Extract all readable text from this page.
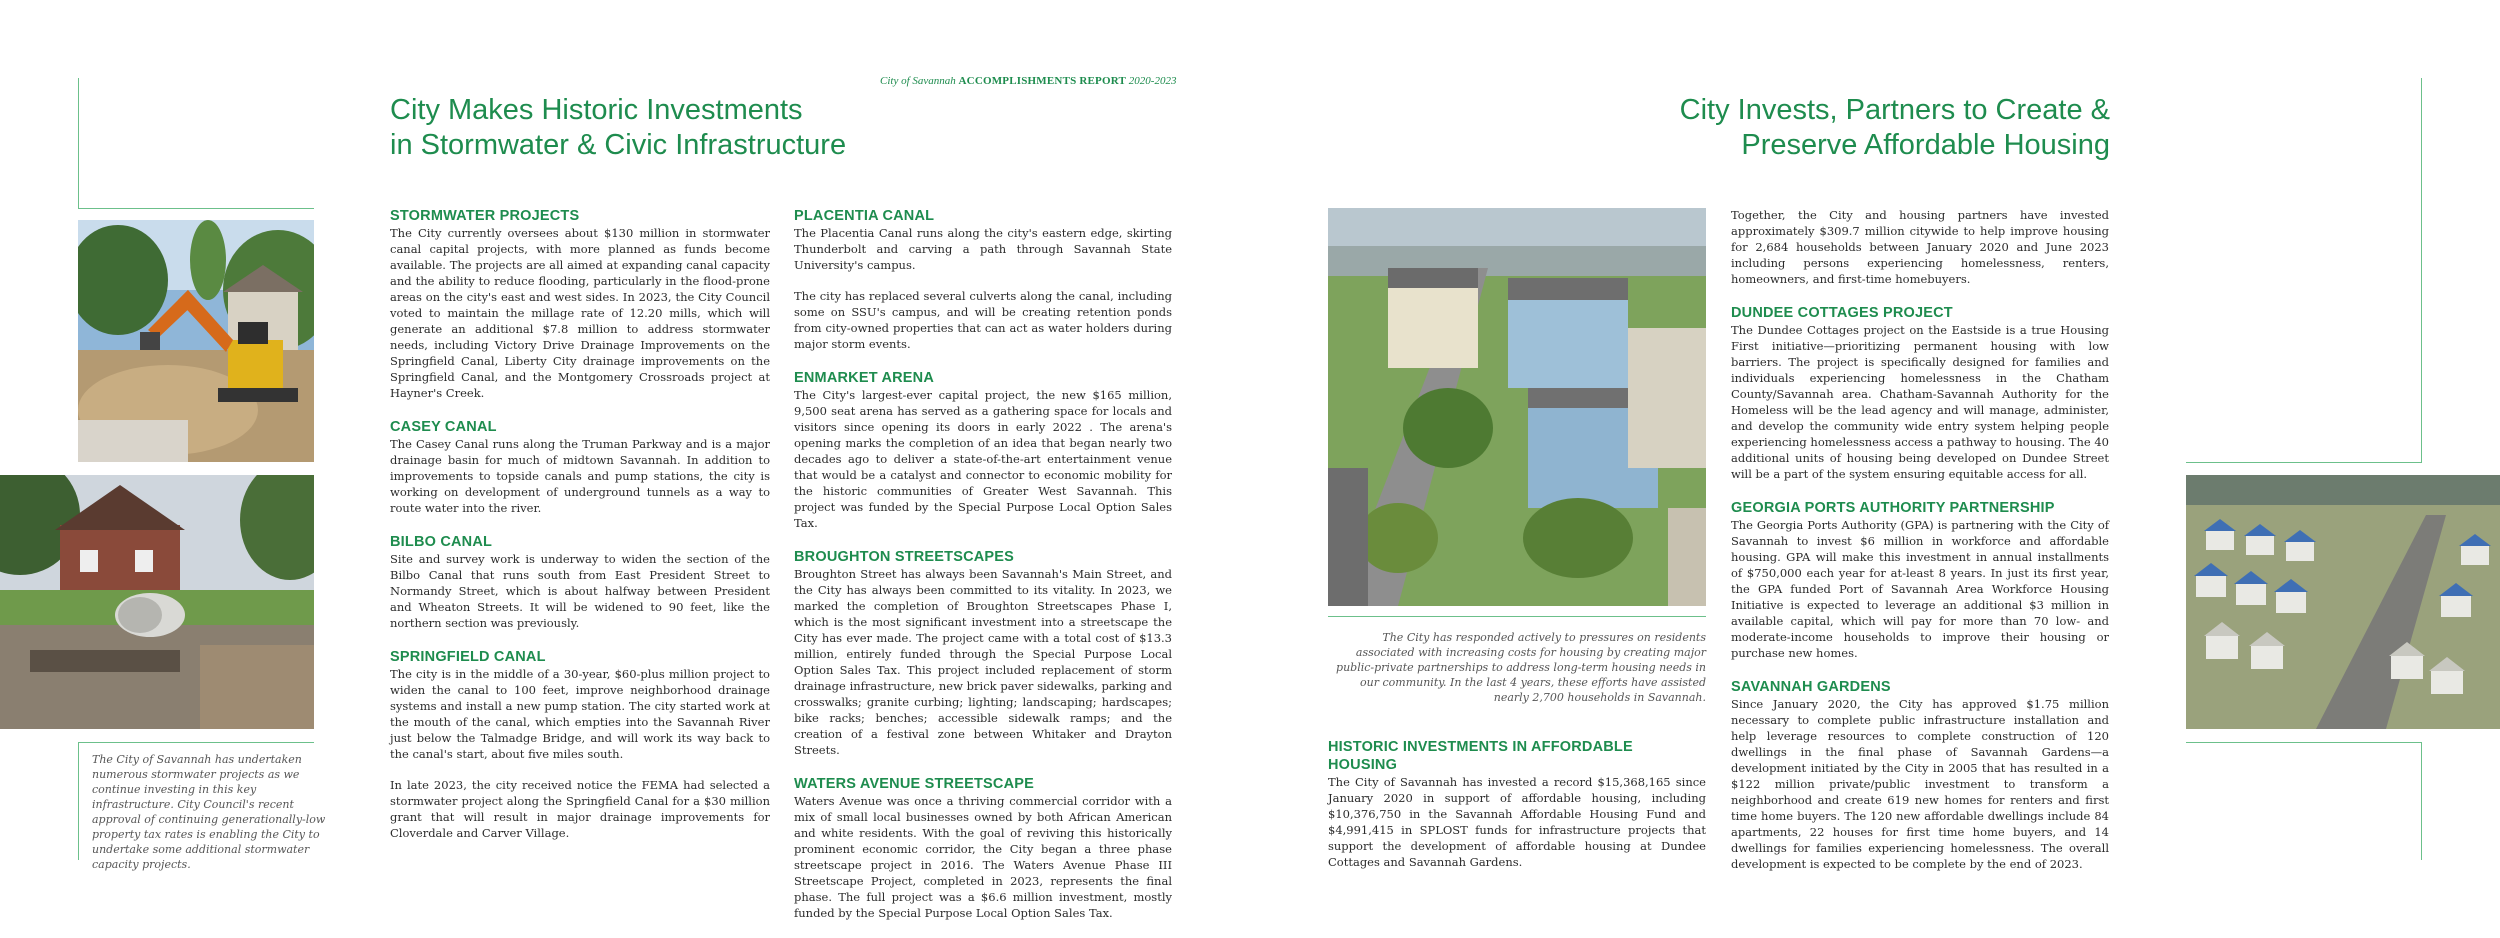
City of Savannah ACCOMPLISHMENTS REPORT 2020-2023
City Makes Historic Investments
in Stormwater & Civic Infrastructure
City Invests, Partners to Create &
Preserve Affordable Housing
STORMWATER PROJECTS

The City currently oversees about $130 million in stormwater canal capital projects, with more planned as funds become available. The projects are all aimed at expanding canal capacity and the ability to reduce flooding, particularly in the flood-prone areas on the city's east and west sides. In 2023, the City Council voted to maintain the millage rate of 12.20 mills, which will generate an additional $7.8 million to address stormwater needs, including Victory Drive Drainage Improvements on the Springfield Canal, Liberty City drainage improvements on the Springfield Canal, and the Montgomery Crossroads project at Hayner's Creek.

CASEY CANAL

The Casey Canal runs along the Truman Parkway and is a major drainage basin for much of midtown Savannah. In addition to improvements to topside canals and pump stations, the city is working on development of underground tunnels as a way to route water into the river.

BILBO CANAL

Site and survey work is underway to widen the section of the Bilbo Canal that runs south from East President Street to Normandy Street, which is about halfway between President and Wheaton Streets. It will be widened to 90 feet, like the northern section was previously.

SPRINGFIELD CANAL

The city is in the middle of a 30-year, $60-plus million project to widen the canal to 100 feet, improve neighborhood drainage systems and install a new pump station. The city started work at the mouth of the canal, which empties into the Savannah River just below the Talmadge Bridge, and will work its way back to the canal's start, about five miles south.

In late 2023, the city received notice the FEMA had selected a stormwater project along the Springfield Canal for a $30 million grant that will result in major drainage improvements for Cloverdale and Carver Village.

PLACENTIA CANAL

The Placentia Canal runs along the city's eastern edge, skirting Thunderbolt and carving a path through Savannah State University's campus.

The city has replaced several culverts along the canal, including some on SSU's campus, and will be creating retention ponds from city-owned properties that can act as water holders during major storm events.

ENMARKET ARENA

The City's largest-ever capital project, the new $165 million, 9,500 seat arena has served as a gathering space for locals and visitors since opening its doors in early 2022 . The arena's opening marks the completion of an idea that began nearly two decades ago to deliver a state-of-the-art entertainment venue that would be a catalyst and connector to economic mobility for the historic communities of Greater West Savannah. This project was funded by the Special Purpose Local Option Sales Tax.

BROUGHTON STREETSCAPES

Broughton Street has always been Savannah's Main Street, and the City has always been committed to its vitality. In 2023, we marked the completion of Broughton Streetscapes Phase I, which is the most significant investment into a streetscape the City has ever made. The project came with a total cost of $13.3 million, entirely funded through the Special Purpose Local Option Sales Tax. This project included replacement of storm drainage infrastructure, new brick paver sidewalks, parking and crosswalks; granite curbing; lighting; landscaping; hardscapes; bike racks; benches; accessible sidewalk ramps; and the creation of a festival zone between Whitaker and Drayton Streets.

WATERS AVENUE STREETSCAPE

Waters Avenue was once a thriving commercial corridor with a mix of small local businesses owned by both African American and white residents. With the goal of reviving this historically prominent economic corridor, the City began a three phase streetscape project in 2016. The Waters Avenue Phase III Streetscape Project, completed in 2023, represents the final phase. The full project was a $6.6 million investment, mostly funded by the Special Purpose Local Option Sales Tax.

HISTORIC INVESTMENTS IN AFFORDABLE HOUSING

The City of Savannah has invested a record $15,368,165 since January 2020 in support of affordable housing, including $10,376,750 in the Savannah Affordable Housing Fund and $4,991,415 in SPLOST funds for infrastructure projects that support the development of affordable housing at Dundee Cottages and Savannah Gardens.

Together, the City and housing partners have invested approximately $309.7 million citywide to help improve housing for 2,684 households between January 2020 and June 2023 including persons experiencing homelessness, renters, homeowners, and first-time homebuyers.

DUNDEE COTTAGES PROJECT

The Dundee Cottages project on the Eastside is a true Housing First initiative—prioritizing permanent housing with low barriers. The project is specifically designed for families and individuals experiencing homelessness in the Chatham County/Savannah area. Chatham-Savannah Authority for the Homeless will be the lead agency and will manage, administer, and develop the community wide entry system helping people experiencing homelessness access a pathway to housing. The 40 additional units of housing being developed on Dundee Street will be a part of the system ensuring equitable access for all.

GEORGIA PORTS AUTHORITY PARTNERSHIP

The Georgia Ports Authority (GPA) is partnering with the City of Savannah to invest $6 million in workforce and affordable housing. GPA will make this investment in annual installments of $750,000 each year for at-least 8 years. In just its first year, the GPA funded Port of Savannah Area Workforce Housing Initiative is expected to leverage an additional $3 million in available capital, which will pay for more than 70 low- and moderate-income households to improve their housing or purchase new homes.

SAVANNAH GARDENS

Since January 2020, the City has approved $1.75 million necessary to complete public infrastructure installation and help leverage resources to complete construction of 120 dwellings in the final phase of Savannah Gardens—a development initiated by the City in 2005 that has resulted in a $122 million private/public investment to transform a neighborhood and create 619 new homes for renters and first time home buyers. The 120 new affordable dwellings include 84 apartments, 22 houses for first time home buyers, and 14 dwellings for families experiencing homelessness. The overall development is expected to be complete by the end of 2023.

The City of Savannah has undertaken numerous stormwater projects as we continue investing in this key infrastructure. City Council's recent approval of continuing generationally-low property tax rates is enabling the City to undertake some additional stormwater capacity projects.
The City has responded actively to pressures on residents associated with increasing costs for housing by creating major public-private partnerships to address long-term housing needs in our community. In the last 4 years, these efforts have assisted nearly 2,700 households in Savannah.
